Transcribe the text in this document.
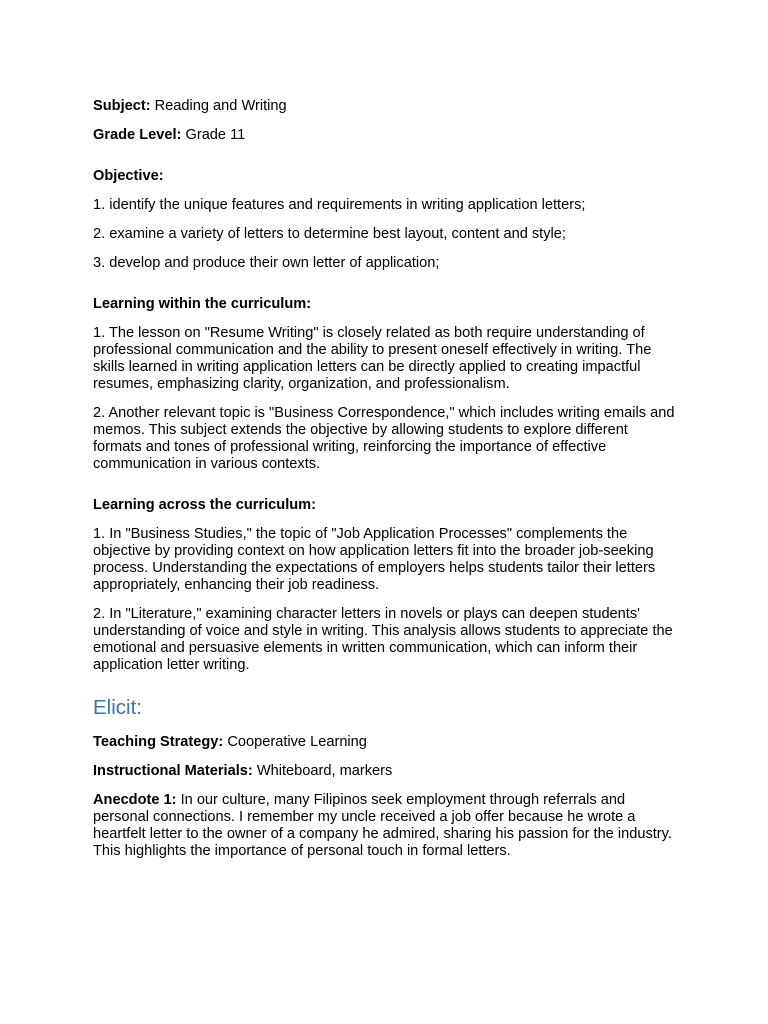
Subject: Reading and Writing
Grade Level: Grade 11
Objective:
1. identify the unique features and requirements in writing application letters;
2. examine a variety of letters to determine best layout, content and style;
3. develop and produce their own letter of application;
Learning within the curriculum:
1. The lesson on "Resume Writing" is closely related as both require understanding of professional communication and the ability to present oneself effectively in writing. The skills learned in writing application letters can be directly applied to creating impactful resumes, emphasizing clarity, organization, and professionalism.
2. Another relevant topic is "Business Correspondence," which includes writing emails and memos. This subject extends the objective by allowing students to explore different formats and tones of professional writing, reinforcing the importance of effective communication in various contexts.
Learning across the curriculum:
1. In "Business Studies," the topic of "Job Application Processes" complements the objective by providing context on how application letters fit into the broader job-seeking process. Understanding the expectations of employers helps students tailor their letters appropriately, enhancing their job readiness.
2. In "Literature," examining character letters in novels or plays can deepen students' understanding of voice and style in writing. This analysis allows students to appreciate the emotional and persuasive elements in written communication, which can inform their application letter writing.
Elicit:
Teaching Strategy: Cooperative Learning
Instructional Materials: Whiteboard, markers
Anecdote 1: In our culture, many Filipinos seek employment through referrals and personal connections. I remember my uncle received a job offer because he wrote a heartfelt letter to the owner of a company he admired, sharing his passion for the industry. This highlights the importance of personal touch in formal letters.
